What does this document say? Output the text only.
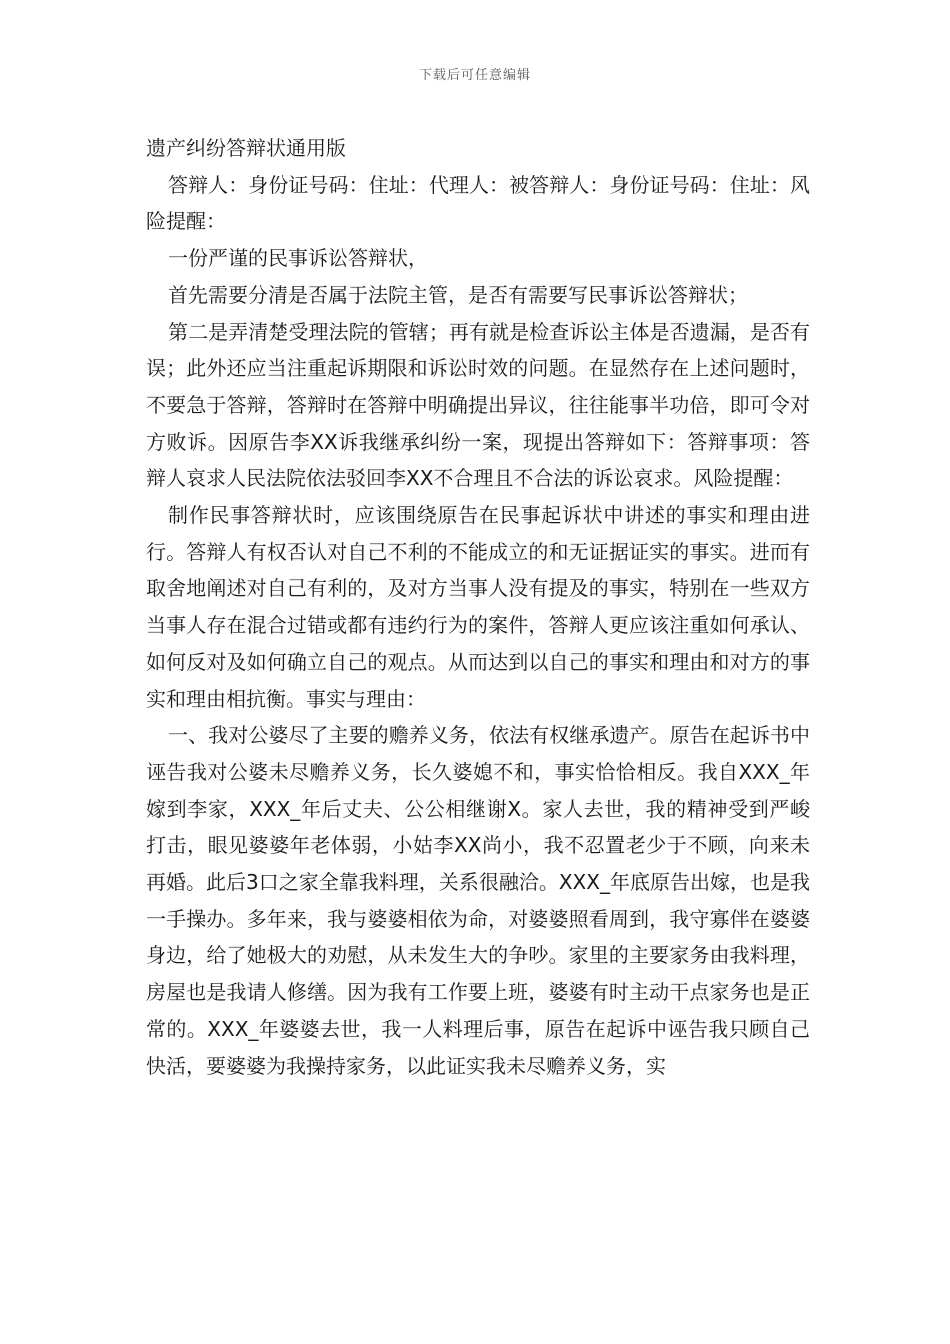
下载后可任意编辑

遗产纠纷答辩状通用版

答辩人：身份证号码：住址：代理人：被答辩人：身份证号码：住址：风险提醒：

一份严谨的民事诉讼答辩状，

首先需要分清是否属于法院主管，是否有需要写民事诉讼答辩状；

第二是弄清楚受理法院的管辖；再有就是检查诉讼主体是否遗漏，是否有误；此外还应当注重起诉期限和诉讼时效的问题。在显然存在上述问题时，不要急于答辩，答辩时在答辩中明确提出异议，往往能事半功倍，即可令对方败诉。因原告李XX诉我继承纠纷一案，现提出答辩如下：答辩事项：答辩人哀求人民法院依法驳回李XX不合理且不合法的诉讼哀求。风险提醒：

制作民事答辩状时，应该围绕原告在民事起诉状中讲述的事实和理由进行。答辩人有权否认对自己不利的不能成立的和无证据证实的事实。进而有取舍地阐述对自己有利的，及对方当事人没有提及的事实，特别在一些双方当事人存在混合过错或都有违约行为的案件，答辩人更应该注重如何承认、如何反对及如何确立自己的观点。从而达到以自己的事实和理由和对方的事实和理由相抗衡。事实与理由：

一、我对公婆尽了主要的赡养义务，依法有权继承遗产。原告在起诉书中诬告我对公婆未尽赡养义务，长久婆媳不和，事实恰恰相反。我自XXX_年嫁到李家，XXX_年后丈夫、公公相继谢X。家人去世，我的精神受到严峻打击，眼见婆婆年老体弱，小姑李XX尚小，我不忍置老少于不顾，向来未再婚。此后3口之家全靠我料理，关系很融洽。XXX_年底原告出嫁，也是我一手操办。多年来，我与婆婆相依为命，对婆婆照看周到，我守寡伴在婆婆身边，给了她极大的劝慰，从未发生大的争吵。家里的主要家务由我料理，房屋也是我请人修缮。因为我有工作要上班，婆婆有时主动干点家务也是正常的。XXX_年婆婆去世，我一人料理后事，原告在起诉中诬告我只顾自己快活，要婆婆为我操持家务，以此证实我未尽赡养义务，实
